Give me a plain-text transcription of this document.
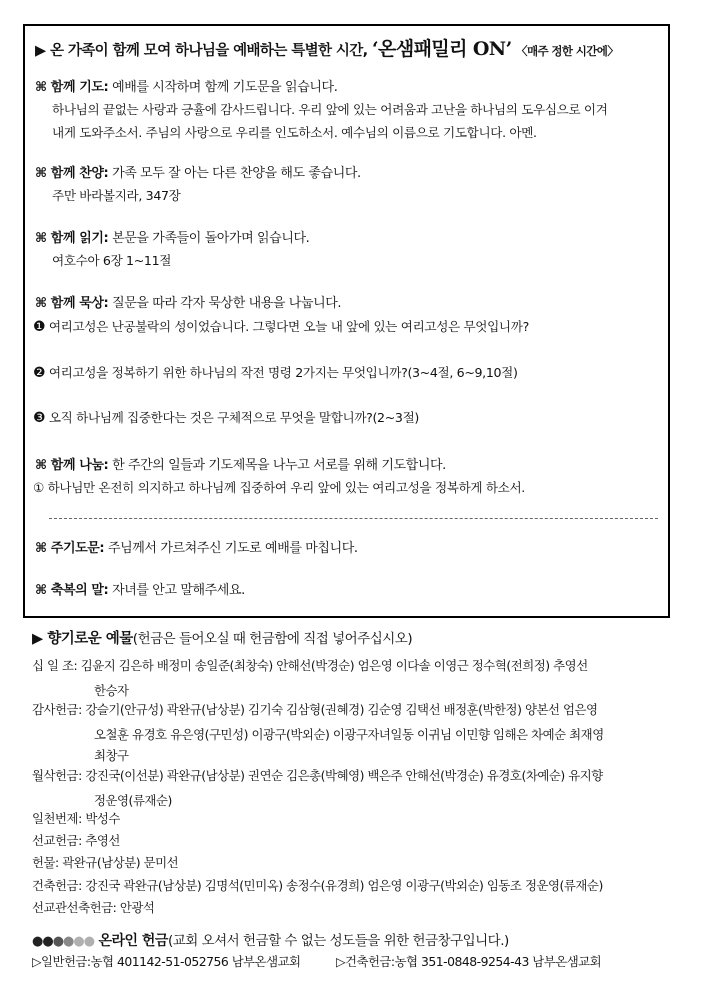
▶ 온 가족이 함께 모여 하나님을 예배하는 특별한 시간, ‘온샘패밀리 ON’ 〈매주 정한 시간에〉
⌘ 함께 기도: 예배를 시작하며 함께 기도문을 읽습니다.
하나님의 끝없는 사랑과 긍휼에 감사드립니다. 우리 앞에 있는 어려움과 고난을 하나님의 도우심으로 이겨
내게 도와주소서. 주님의 사랑으로 우리를 인도하소서. 예수님의 이름으로 기도합니다. 아멘.
⌘ 함께 찬양: 가족 모두 잘 아는 다른 찬양을 해도 좋습니다.
주만 바라볼지라, 347장
⌘ 함께 읽기: 본문을 가족들이 돌아가며 읽습니다.
여호수아 6장 1~11절
⌘ 함께 묵상: 질문을 따라 각자 묵상한 내용을 나눕니다.
❶ 여리고성은 난공불락의 성이었습니다. 그렇다면 오늘 내 앞에 있는 여리고성은 무엇입니까?
❷ 여리고성을 정복하기 위한 하나님의 작전 명령 2가지는 무엇입니까?(3~4절, 6~9,10절)
❸ 오직 하나님께 집중한다는 것은 구체적으로 무엇을 말합니까?(2~3절)
⌘ 함께 나눔: 한 주간의 일들과 기도제목을 나누고 서로를 위해 기도합니다.
① 하나님만 온전히 의지하고 하나님께 집중하여 우리 앞에 있는 여리고성을 정복하게 하소서.
⌘ 주기도문: 주님께서 가르쳐주신 기도로 예배를 마칩니다.
⌘ 축복의 말: 자녀를 안고 말해주세요.
▶ 향기로운 예물(헌금은 들어오실 때 헌금함에 직접 넣어주십시오)
십 일 조: 김윤지 김은하 배정미 송일준(최창숙) 안해선(박경순) 엄은영 이다솔 이영근 정수혁(전희정) 추영선
한승자
감사헌금: 강슬기(안규성) 곽완규(남상분) 김기숙 김삼형(권혜경) 김순영 김택선 배정훈(박한정) 양본선 엄은영
오철훈 유경호 유은영(구민성) 이광구(박외순) 이광구자녀일동 이귀님 이민향 임해은 차예순 최재영
최창구
월삭헌금: 강진국(이선분) 곽완규(남상분) 권연순 김은총(박혜영) 백은주 안해선(박경순) 유경호(차예순) 유지향
정운영(류재순)
일천번제: 박성수
선교헌금: 추영선
헌물: 곽완규(남상분) 문미선
건축헌금: 강진국 곽완규(남상분) 김명석(민미옥) 송정수(유경희) 엄은영 이광구(박외순) 임동조 정운영(류재순)
선교관선축헌금: 안광석
●●●●●● 온라인 헌금(교회 오셔서 헌금할 수 없는 성도들을 위한 헌금창구입니다.)
▷일반헌금:농협 401142-51-052756 남부온샘교회	▷건축헌금:농협 351-0848-9254-43 남부온샘교회
